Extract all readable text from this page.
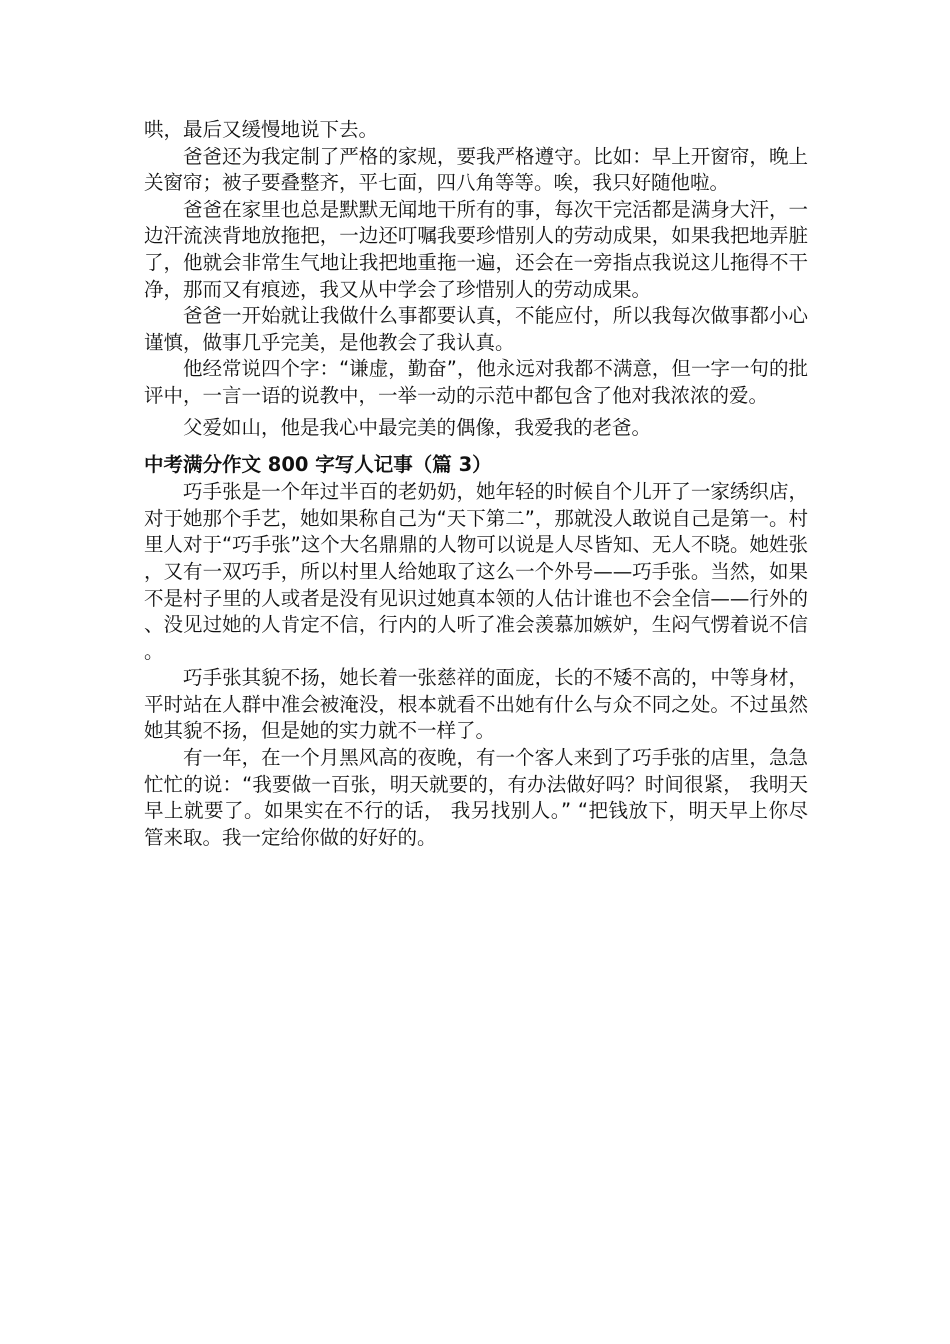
哄，最后又缓慢地说下去。

爸爸还为我定制了严格的家规，要我严格遵守。比如：早上开窗帘，晚上关窗帘；被子要叠整齐，平七面，四八角等等。唉，我只好随他啦。

爸爸在家里也总是默默无闻地干所有的事，每次干完活都是满身大汗，一边汗流浃背地放拖把，一边还叮嘱我要珍惜别人的劳动成果，如果我把地弄脏了，他就会非常生气地让我把地重拖一遍，还会在一旁指点我说这儿拖得不干净，那而又有痕迹，我又从中学会了珍惜别人的劳动成果。

爸爸一开始就让我做什么事都要认真，不能应付，所以我每次做事都小心谨慎，做事几乎完美，是他教会了我认真。

他经常说四个字：“谦虚，勤奋”，他永远对我都不满意，但一字一句的批评中，一言一语的说教中，一举一动的示范中都包含了他对我浓浓的爱。

父爱如山，他是我心中最完美的偶像，我爱我的老爸。

中考满分作文 800 字写人记事（篇 3）

巧手张是一个年过半百的老奶奶，她年轻的时候自个儿开了一家绣织店，对于她那个手艺，她如果称自己为“天下第二”，那就没人敢说自己是第一。村里人对于“巧手张”这个大名鼎鼎的人物可以说是人尽皆知、无人不晓。她姓张，又有一双巧手，所以村里人给她取了这么一个外号——巧手张。当然，如果不是村子里的人或者是没有见识过她真本领的人估计谁也不会全信——行外的、没见过她的人肯定不信，行内的人听了准会羡慕加嫉妒，生闷气愣着说不信。

巧手张其貌不扬，她长着一张慈祥的面庞，长的不矮不高的，中等身材，平时站在人群中准会被淹没，根本就看不出她有什么与众不同之处。不过虽然她其貌不扬，但是她的实力就不一样了。

有一年，在一个月黑风高的夜晚，有一个客人来到了巧手张的店里，急急忙忙的说：“我要做一百张，明天就要的，有办法做好吗？时间很紧， 我明天早上就要了。如果实在不行的话， 我另找别人。” “把钱放下，明天早上你尽管来取。我一定给你做的好好的。
